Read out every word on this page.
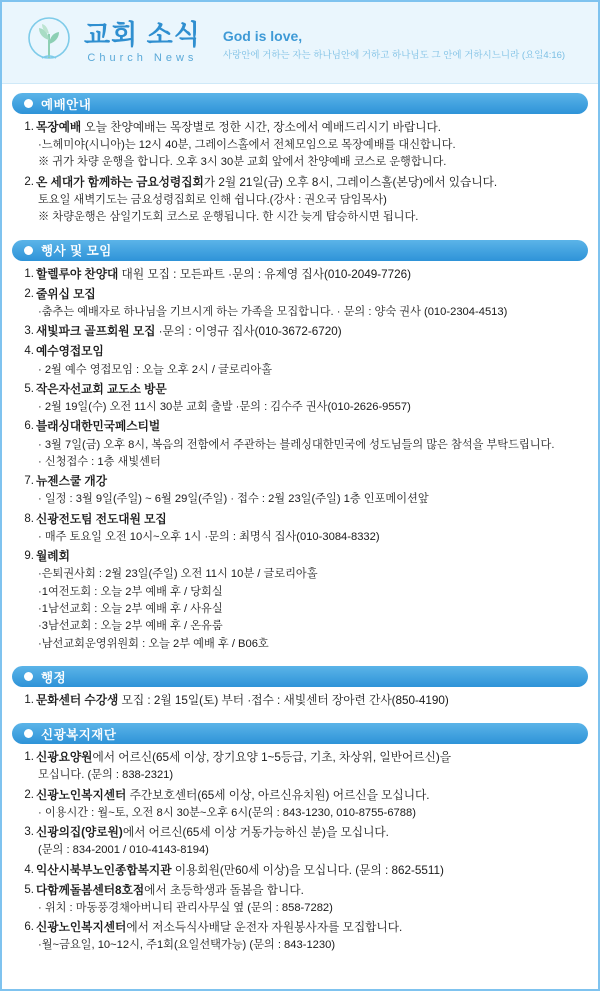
교회 소식
Church News
God is love,
사랑안에 거하는 자는 하나님안에 거하고 하나님도 그 안에 거하시느니라 (요일4:16)
예배안내
목장예배 오늘 찬양예배는 목장별로 정한 시간, 장소에서 예배드리시기 바랍니다.
·느헤미야(시니아)는 12시 40분, 그레이스홀에서 전체모임으로 목장예배를 대신합니다.
※ 귀가 차량 운행을 합니다. 오후 3시 30분 교회 앞에서 찬양예배 코스로 운행합니다.
온 세대가 함께하는 금요성령집회가 2월 21일(금) 오후 8시, 그레이스홀(본당)에서 있습니다.
토요일 새벽기도는 금요성령집회로 인해 쉽니다.(강사 : 권오국 담임목사)
※ 차량운행은 삼일기도회 코스로 운행됩니다. 한 시간 늦게 탑승하시면 됩니다.
행사 및 모임
할렐루야 찬양대 대원 모집 : 모든파트 ·문의 : 유제영 집사(010-2049-7726)
줄위십 모집
·춤추는 예배자로 하나님을 기브시게 하는 가족을 모집합니다. · 문의 : 양숙 권사 (010-2304-4513)
새빛파크 골프회원 모집 ·문의 : 이영규 집사(010-3672-6720)
예수영접모임
· 2월 예수 영접모임 : 오늘 오후 2시 / 글로리아홀
작은자선교회 교도소 방문
· 2월 19일(수) 오전 11시 30분 교회 출발 ·문의 : 김수주 권사(010-2626-9557)
블래싱대한민국페스티벌
· 3월 7일(금) 오후 8시, 복음의 전함에서 주관하는 블레싱대한민국에 성도님들의 많은 참석을 부탁드립니다.
· 신청접수 : 1층 새빛센터
뉴젠스쿨 개강
· 일정 : 3월 9일(주일) ~ 6월 29일(주일) · 접수 : 2월 23일(주일) 1층 인포메이션앞
신광전도팀 전도대원 모집
· 매주 토요일 오전 10시~오후 1시 ·문의 : 최명식 집사(010-3084-8332)
월례회
·은퇴권사회 : 2월 23일(주일) 오전 11시 10분 / 글로리아홀
·1여전도회 : 오늘 2부 예배 후 / 당회실
·1남선교회 : 오늘 2부 예배 후 / 사유실
·3남선교회 : 오늘 2부 예배 후 / 온유룸
·남선교회운영위원회 : 오늘 2부 예배 후 / B06호
행정
문화센터 수강생 모집 : 2월 15일(토) 부터 ·접수 : 새빛센터 장아련 간사(850-4190)
신광복지재단
신광요양원에서 어르신(65세 이상, 장기요양 1~5등급, 기초, 차상위, 일반어르신)을
모십니다. (문의 : 838-2321)
신광노인복지센터 주간보호센터(65세 이상, 아르신유치원) 어르신을 모십니다.
· 이용시간 : 월~토, 오전 8시 30분~오후 6시(문의 : 843-1230, 010-8755-6788)
신광의집(양로원)에서 어르신(65세 이상 거동가능하신 분)을 모십니다.
(문의 : 834-2001 / 010-4143-8194)
익산시북부노인종합복지관 이용회원(만60세 이상)을 모십니다. (문의 : 862-5511)
다함께돌봄센터8호점에서 초등학생과 돌봄을 합니다.
· 위치 : 마동풍경채아버니티 관리사무실 옆 (문의 : 858-7282)
신광노인복지센터에서 저소득식사배달 운전자 자원봉사자를 모집합니다.
·월~금요일, 10~12시, 주1회(요일선택가능) (문의 : 843-1230)
